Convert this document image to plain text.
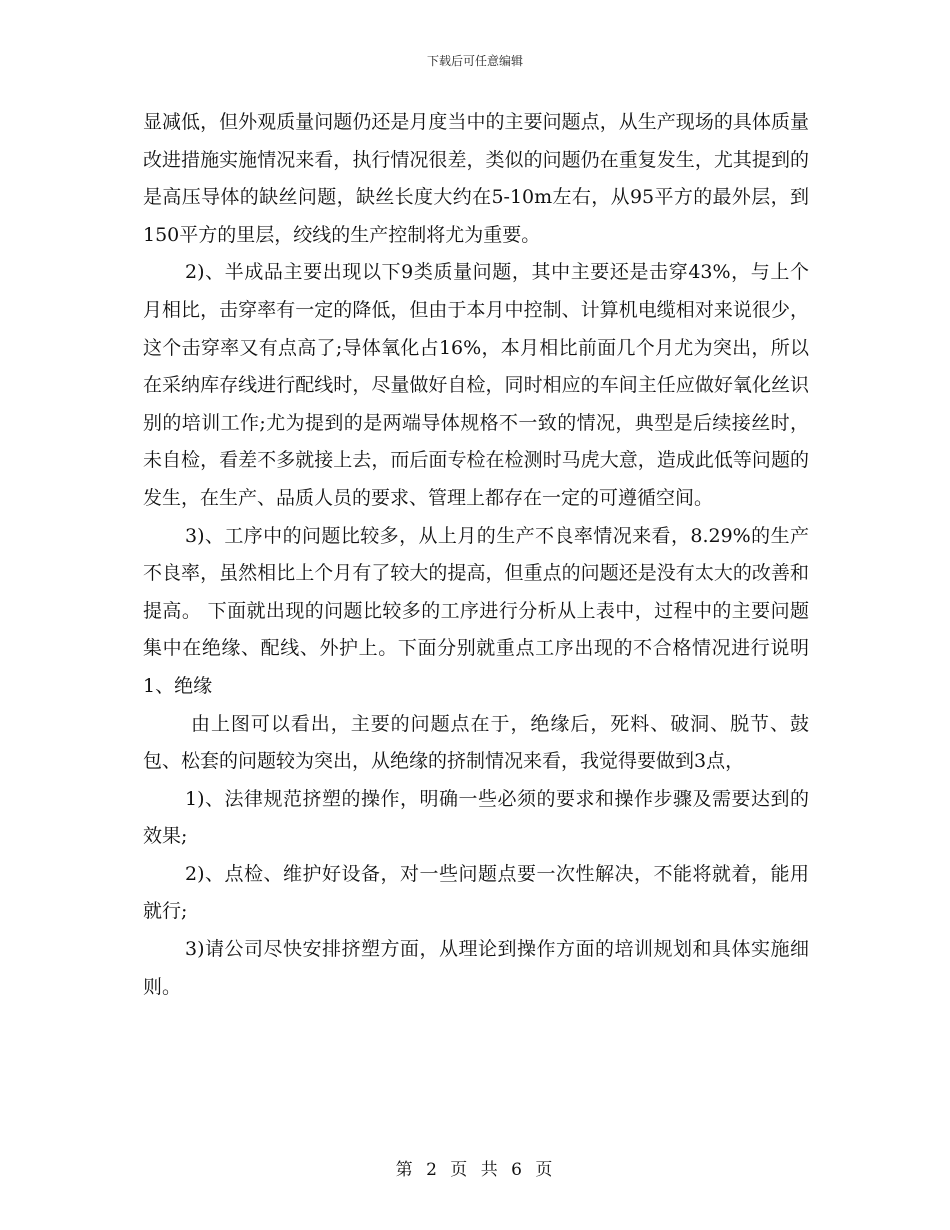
下载后可任意编辑

显减低，但外观质量问题仍还是月度当中的主要问题点，从生产现场的具体质量改进措施实施情况来看，执行情况很差，类似的问题仍在重复发生，尤其提到的是高压导体的缺丝问题，缺丝长度大约在5-10m左右，从95平方的最外层，到150平方的里层，绞线的生产控制将尤为重要。

2)、半成品主要出现以下9类质量问题，其中主要还是击穿43%，与上个月相比，击穿率有一定的降低，但由于本月中控制、计算机电缆相对来说很少，这个击穿率又有点高了;导体氧化占16%，本月相比前面几个月尤为突出，所以在采纳库存线进行配线时，尽量做好自检，同时相应的车间主任应做好氧化丝识别的培训工作;尤为提到的是两端导体规格不一致的情况，典型是后续接丝时，未自检，看差不多就接上去，而后面专检在检测时马虎大意，造成此低等问题的发生，在生产、品质人员的要求、管理上都存在一定的可遵循空间。

3)、工序中的问题比较多，从上月的生产不良率情况来看，8.29%的生产不良率，虽然相比上个月有了较大的提高，但重点的问题还是没有太大的改善和提高。 下面就出现的问题比较多的工序进行分析从上表中，过程中的主要问题集中在绝缘、配线、外护上。下面分别就重点工序出现的不合格情况进行说明 1、绝缘

由上图可以看出，主要的问题点在于，绝缘后，死料、破洞、脱节、鼓包、松套的问题较为突出，从绝缘的挤制情况来看，我觉得要做到3点，

1)、法律规范挤塑的操作，明确一些必须的要求和操作步骤及需要达到的效果;

2)、点检、维护好设备，对一些问题点要一次性解决，不能将就着，能用就行;

3)请公司尽快安排挤塑方面，从理论到操作方面的培训规划和具体实施细则。

第 2 页 共 6 页
